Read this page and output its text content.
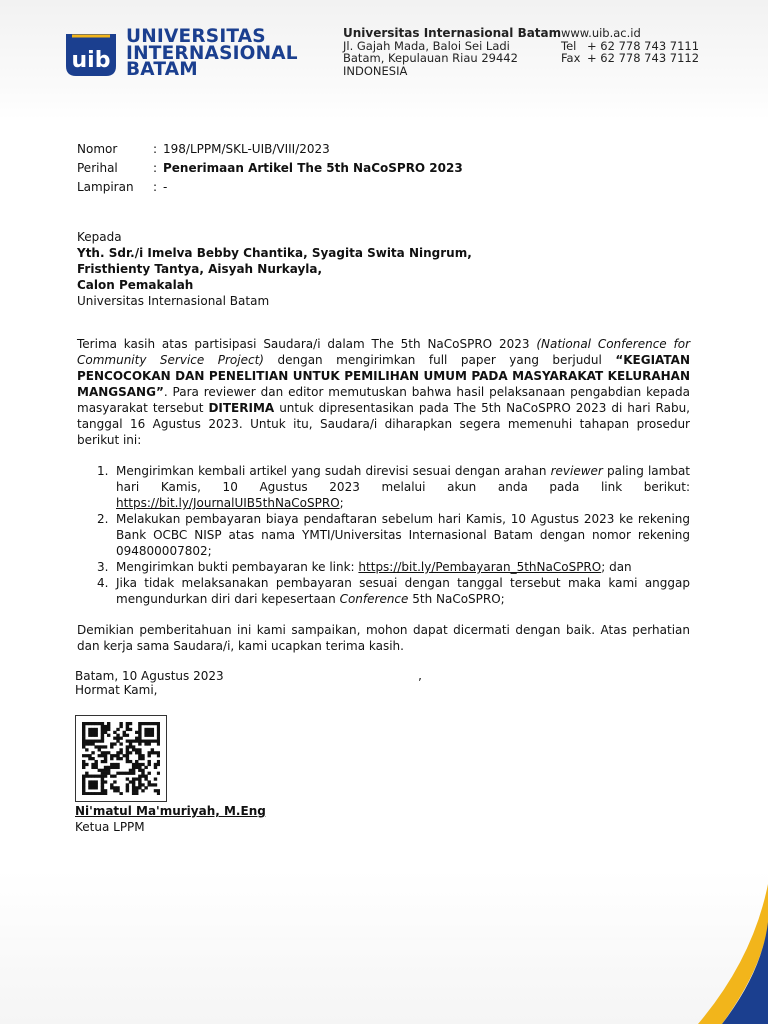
uib
UNIVERSITAS
INTERNASIONAL
BATAM
Universitas Internasional Batam
Jl. Gajah Mada, Baloi Sei Ladi
Batam, Kepulauan Riau 29442
INDONESIA
www.uib.ac.id
Tel + 62 778 743 7111
Fax + 62 778 743 7112
Nomor	: 198/LPPM/SKL-UIB/VIII/2023
Perihal	: Penerimaan Artikel The 5th NaCoSPRO 2023
Lampiran	: -
Kepada
Yth. Sdr./i Imelva Bebby Chantika, Syagita Swita Ningrum,
Fristhienty Tantya, Aisyah Nurkayla,
Calon Pemakalah
Universitas Internasional Batam

Terima kasih atas partisipasi Saudara/i dalam The 5th NaCoSPRO 2023 (National Conference for Community Service Project) dengan mengirimkan full paper yang berjudul “KEGIATAN PENCOCOKAN DAN PENELITIAN UNTUK PEMILIHAN UMUM PADA MASYARAKAT KELURAHAN MANGSANG”. Para reviewer dan editor memutuskan bahwa hasil pelaksanaan pengabdian kepada masyarakat tersebut DITERIMA untuk dipresentasikan pada The 5th NaCoSPRO 2023 di hari Rabu, tanggal 16 Agustus 2023. Untuk itu, Saudara/i diharapkan segera memenuhi tahapan prosedur berikut ini:

1. Mengirimkan kembali artikel yang sudah direvisi sesuai dengan arahan reviewer paling lambat hari Kamis, 10 Agustus 2023 melalui akun anda pada link berikut: https://bit.ly/JournalUIB5thNaCoSPRO;
2. Melakukan pembayaran biaya pendaftaran sebelum hari Kamis, 10 Agustus 2023 ke rekening Bank OCBC NISP atas nama YMTI/Universitas Internasional Batam dengan nomor rekening 094800007802;
3. Mengirimkan bukti pembayaran ke link: https://bit.ly/Pembayaran_5thNaCoSPRO; dan
4. Jika tidak melaksanakan pembayaran sesuai dengan tanggal tersebut maka kami anggap mengundurkan diri dari kepesertaan Conference 5th NaCoSPRO;
Demikian pemberitahuan ini kami sampaikan, mohon dapat dicermati dengan baik. Atas perhatian dan kerja sama Saudara/i, kami ucapkan terima kasih.
Batam, 10 Agustus 2023
Hormat Kami,	’
Ni'matul Ma'muriyah, M.Eng
Ketua LPPM
